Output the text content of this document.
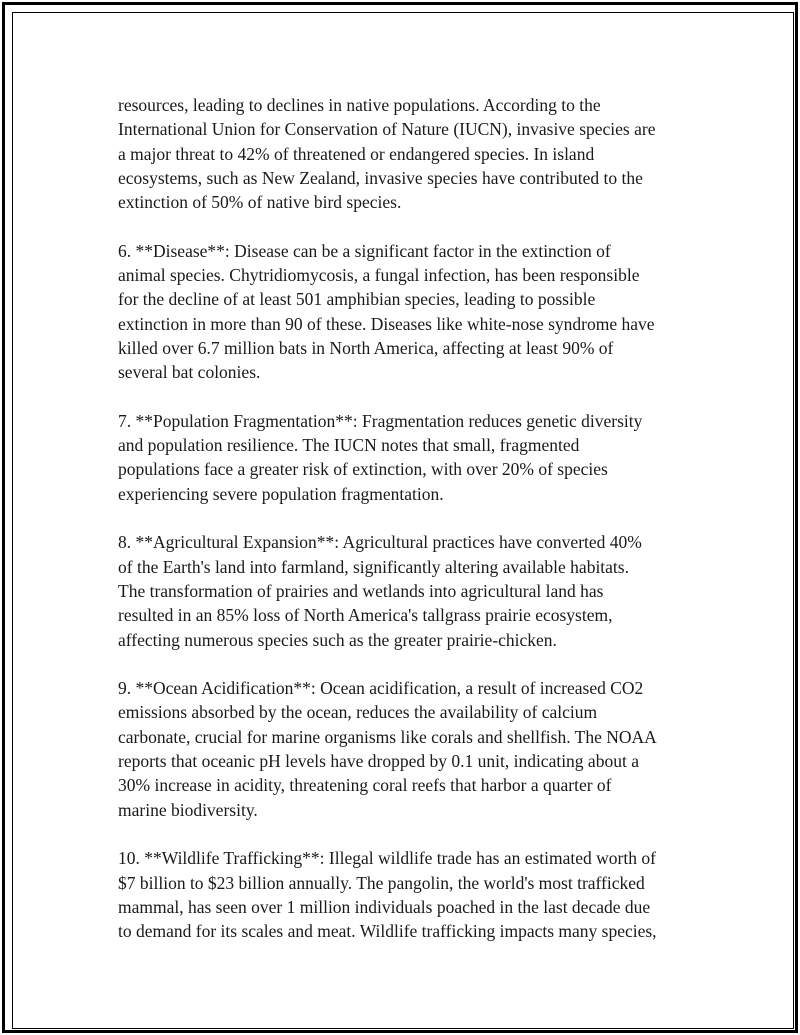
resources, leading to declines in native populations. According to the
International Union for Conservation of Nature (IUCN), invasive species are
a major threat to 42% of threatened or endangered species. In island
ecosystems, such as New Zealand, invasive species have contributed to the
extinction of 50% of native bird species.
6. **Disease**: Disease can be a significant factor in the extinction of
animal species. Chytridiomycosis, a fungal infection, has been responsible
for the decline of at least 501 amphibian species, leading to possible
extinction in more than 90 of these. Diseases like white-nose syndrome have
killed over 6.7 million bats in North America, affecting at least 90% of
several bat colonies.
7. **Population Fragmentation**: Fragmentation reduces genetic diversity
and population resilience. The IUCN notes that small, fragmented
populations face a greater risk of extinction, with over 20% of species
experiencing severe population fragmentation.
8. **Agricultural Expansion**: Agricultural practices have converted 40%
of the Earth's land into farmland, significantly altering available habitats.
The transformation of prairies and wetlands into agricultural land has
resulted in an 85% loss of North America's tallgrass prairie ecosystem,
affecting numerous species such as the greater prairie-chicken.
9. **Ocean Acidification**: Ocean acidification, a result of increased CO2
emissions absorbed by the ocean, reduces the availability of calcium
carbonate, crucial for marine organisms like corals and shellfish. The NOAA
reports that oceanic pH levels have dropped by 0.1 unit, indicating about a
30% increase in acidity, threatening coral reefs that harbor a quarter of
marine biodiversity.
10. **Wildlife Trafficking**: Illegal wildlife trade has an estimated worth of
$7 billion to $23 billion annually. The pangolin, the world's most trafficked
mammal, has seen over 1 million individuals poached in the last decade due
to demand for its scales and meat. Wildlife trafficking impacts many species,
